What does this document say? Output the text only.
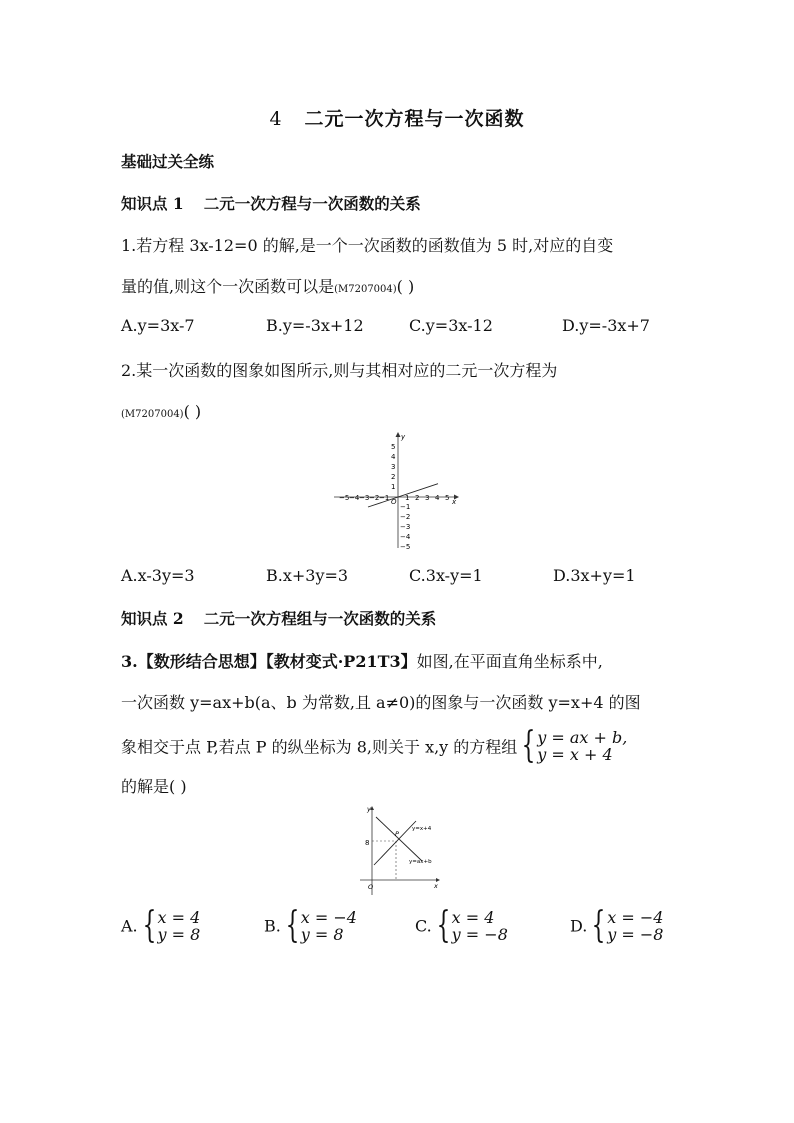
4 二元一次方程与一次函数
基础过关全练
知识点 1 二元一次方程与一次函数的关系
1.若方程 3x-12=0 的解,是一个一次函数的函数值为 5 时,对应的自变
量的值,则这个一次函数可以是(M7207004)( )
A.y=3x-7	B.y=-3x+12	C.y=3x-12	D.y=-3x+7
2.某一次函数的图象如图所示,则与其相对应的二元一次方程为
(M7207004)( )
y
x
O
−5 −4 −3 −2 −1 1 2 3 4 5
5
4
3
2
1
−1
−2
−3
−4
−5
A.x-3y=3	B.x+3y=3	C.3x-y=1	D.3x+y=1
知识点 2 二元一次方程组与一次函数的关系
3.【数形结合思想】【教材变式·P21T3】如图,在平面直角坐标系中,
一次函数 y=ax+b(a、b 为常数,且 a≠0)的图象与一次函数 y=x+4 的图
象相交于点 P,若点 P 的纵坐标为 8,则关于 x,y 的方程组 { y = ax + b,
y = x + 4
的解是( )
y
x
O
8
P
y=x+4
y=ax+b
A. { x = 4
y = 8	B. { x = −4
y = 8	C. { x = 4
y = −8	D. { x = −4
y = −8
